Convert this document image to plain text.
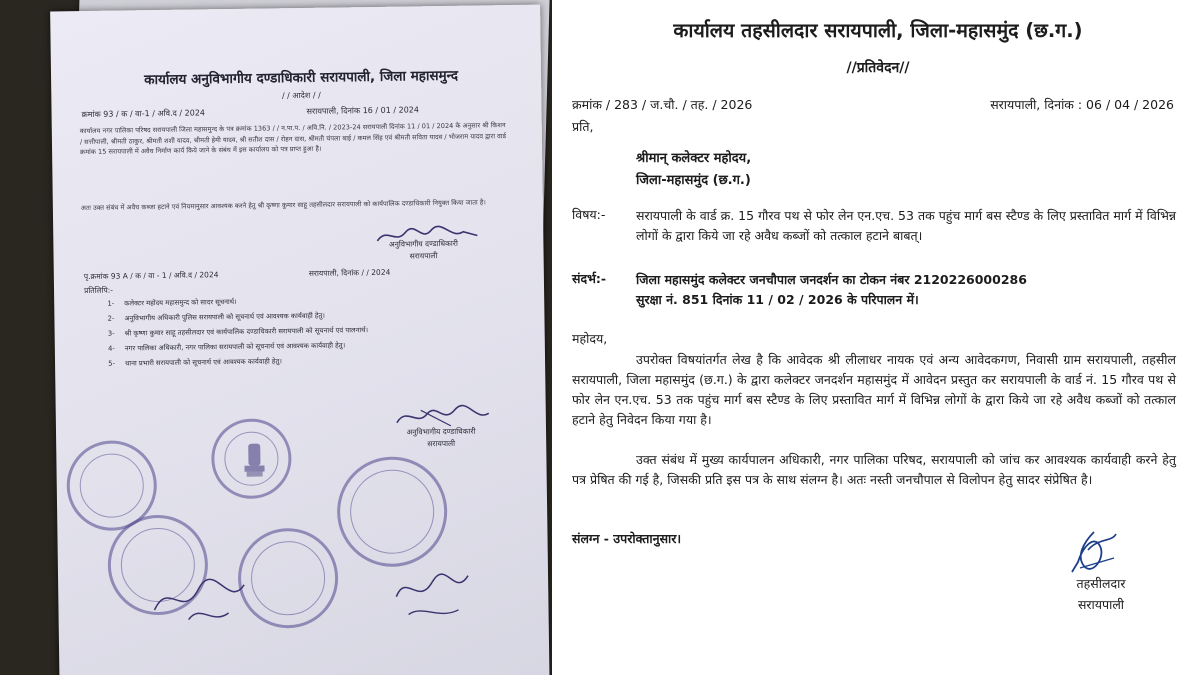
कार्यालय अनुविभागीय दण्डाधिकारी सरायपाली, जिला महासमुन्द
/ / आदेश / /
क्रमांक 93 / क / वा-1 / अवि.द / 2024	सरायपाली, दिनांक 16 / 01 / 2024
कार्यालय नगर पालिका परिषद सरायपाली जिला महासमुन्द के पत्र क्रमांक 1363 / / न.पा.प. / अवि.नि. / 2023-24 सरायपाली दिनांक 11 / 01 / 2024 के अनुसार श्री किशन / सत्तीपाली, श्रीमती ठाकुर, श्रीमती शशी यादव, श्रीमती हेमी यादव, श्री सतीश दास / रोहन दास, श्रीमती चंपला बाई / कमल सिंह एवं श्रीमती सविता यादव / भोजराम यादव द्वारा वार्ड क्रमांक 15 सरायपाली में अवैध निर्माण कार्य किये जाने के संबंध में इस कार्यालय को पत्र प्राप्त हुआ है।
अतः उक्त संबंध में अवैध कब्जा हटाने एवं नियमानुसार आवश्यक करने हेतु श्री कृष्णा कुमार साहू तहसीलदार सरायपाली को कार्यपालिक दण्डाधिकारी नियुक्त किया जाता है।
अनुविभागीय दण्डाधिकारी
सरायपाली
पृ.क्रमांक 93 A / क / वा - 1 / अवि.द / 2024	सरायपाली, दिनांक / / 2024
प्रतिलिपि:-
1-	कलेक्टर महोदय महासमुन्द को सादर सूचनार्थ।
2-	अनुविभागीय अधिकारी पुलिस सरायपाली को सूचनार्थ एवं आवश्यक कार्यवाही हेतु।
3-	श्री कृष्णा कुमार साहू तहसीलदार एवं कार्यपालिक दण्डाधिकारी सरायपाली को सूचनार्थ एवं पालनार्थ।
4-	नगर पालिका अधिकारी, नगर पालिका सरायपाली को सूचनार्थ एवं आवश्यक कार्यवाही हेतु।
5-	थाना प्रभारी सरायपाली को सूचनार्थ एवं आवश्यक कार्यवाही हेतु।
अनुविभागीय दण्डाधिकारी
सरायपाली
कार्यालय तहसीलदार सरायपाली, जिला-महासमुंद (छ.ग.)
//प्रतिवेदन//
क्रमांक / 283 / ज.चौ. / तह. / 2026	सरायपाली, दिनांक : 06 / 04 / 2026
प्रति,
श्रीमान् कलेक्टर महोदय,
जिला-महासमुंद (छ.ग.)
विषय:- सरायपाली के वार्ड क्र. 15 गौरव पथ से फोर लेन एन.एच. 53 तक पहुंच मार्ग बस स्टैण्ड के लिए प्रस्तावित मार्ग में विभिन्न लोगों के द्वारा किये जा रहे अवैध कब्जों को तत्काल हटाने बाबत्।
संदर्भ:- जिला महासमुंद कलेक्टर जनचौपाल जनदर्शन का टोकन नंबर 2120226000286
सुरक्षा नं. 851 दिनांक 11 / 02 / 2026 के परिपालन में।
महोदय,
उपरोक्त विषयांतर्गत लेख है कि आवेदक श्री लीलाधर नायक एवं अन्य आवेदकगण, निवासी ग्राम सरायपाली, तहसील सरायपाली, जिला महासमुंद (छ.ग.) के द्वारा कलेक्टर जनदर्शन महासमुंद में आवेदन प्रस्तुत कर सरायपाली के वार्ड नं. 15 गौरव पथ से फोर लेन एन.एच. 53 तक पहुंच मार्ग बस स्टैण्ड के लिए प्रस्तावित मार्ग में विभिन्न लोगों के द्वारा किये जा रहे अवैध कब्जों को तत्काल हटाने हेतु निवेदन किया गया है।
उक्त संबंध में मुख्य कार्यपालन अधिकारी, नगर पालिका परिषद, सरायपाली को जांच कर आवश्यक कार्यवाही करने हेतु पत्र प्रेषित की गई है, जिसकी प्रति इस पत्र के साथ संलग्न है। अतः नस्ती जनचौपाल से विलोपन हेतु सादर संप्रेषित है।
संलग्न - उपरोक्तानुसार।
तहसीलदार
सरायपाली
